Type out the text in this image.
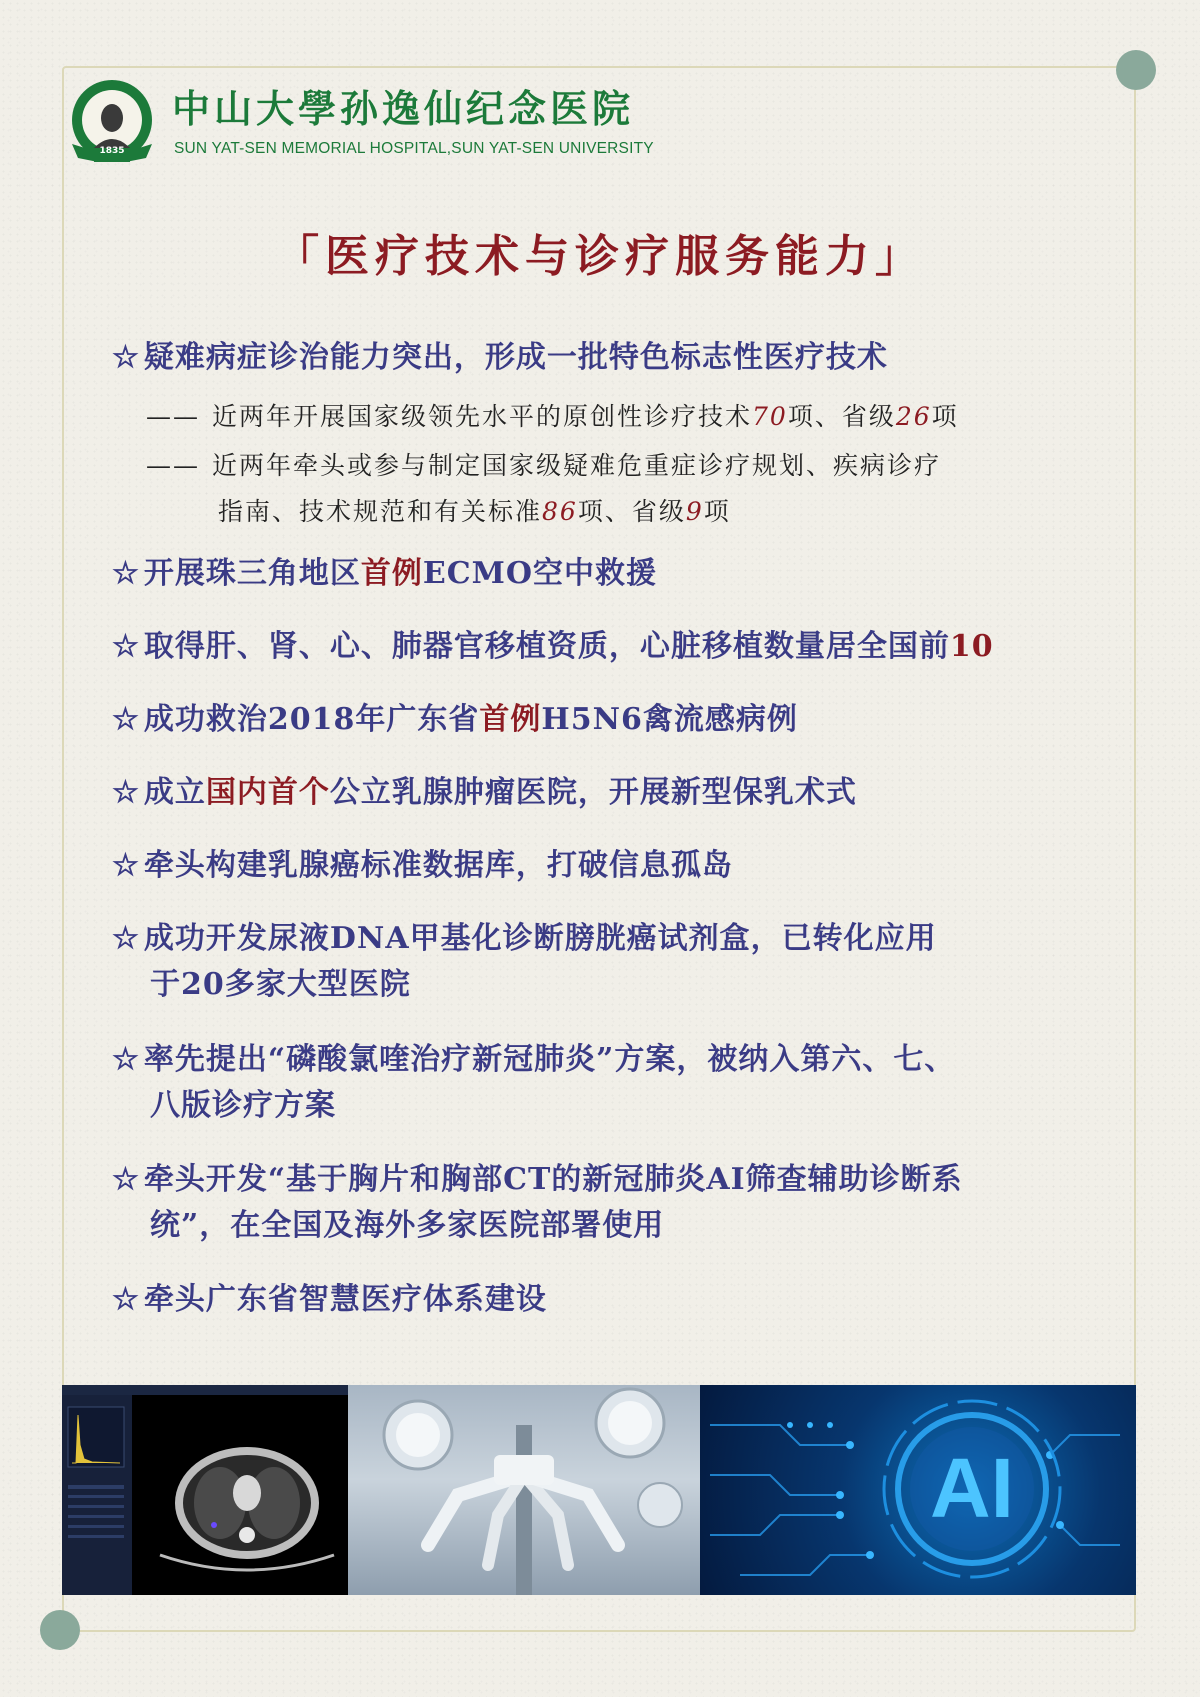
1835
中山大學孙逸仙纪念医院
SUN YAT-SEN MEMORIAL HOSPITAL,SUN YAT-SEN UNIVERSITY
「医疗技术与诊疗服务能力」
☆ 疑难病症诊治能力突出，形成一批特色标志性医疗技术
—— 近两年开展国家级领先水平的原创性诊疗技术70项、省级26项
—— 近两年牵头或参与制定国家级疑难危重症诊疗规划、疾病诊疗
指南、技术规范和有关标准86项、省级9项
☆ 开展珠三角地区首例ECMO空中救援
☆ 取得肝、肾、心、肺器官移植资质，心脏移植数量居全国前10
☆ 成功救治2018年广东省首例H5N6禽流感病例
☆ 成立国内首个公立乳腺肿瘤医院，开展新型保乳术式
☆ 牵头构建乳腺癌标准数据库，打破信息孤岛
☆ 成功开发尿液DNA甲基化诊断膀胱癌试剂盒，已转化应用
于20多家大型医院
☆ 率先提出“磷酸氯喹治疗新冠肺炎”方案，被纳入第六、七、
八版诊疗方案
☆ 牵头开发“基于胸片和胸部CT的新冠肺炎AI筛查辅助诊断系
统”，在全国及海外多家医院部署使用
☆ 牵头广东省智慧医疗体系建设
AI
